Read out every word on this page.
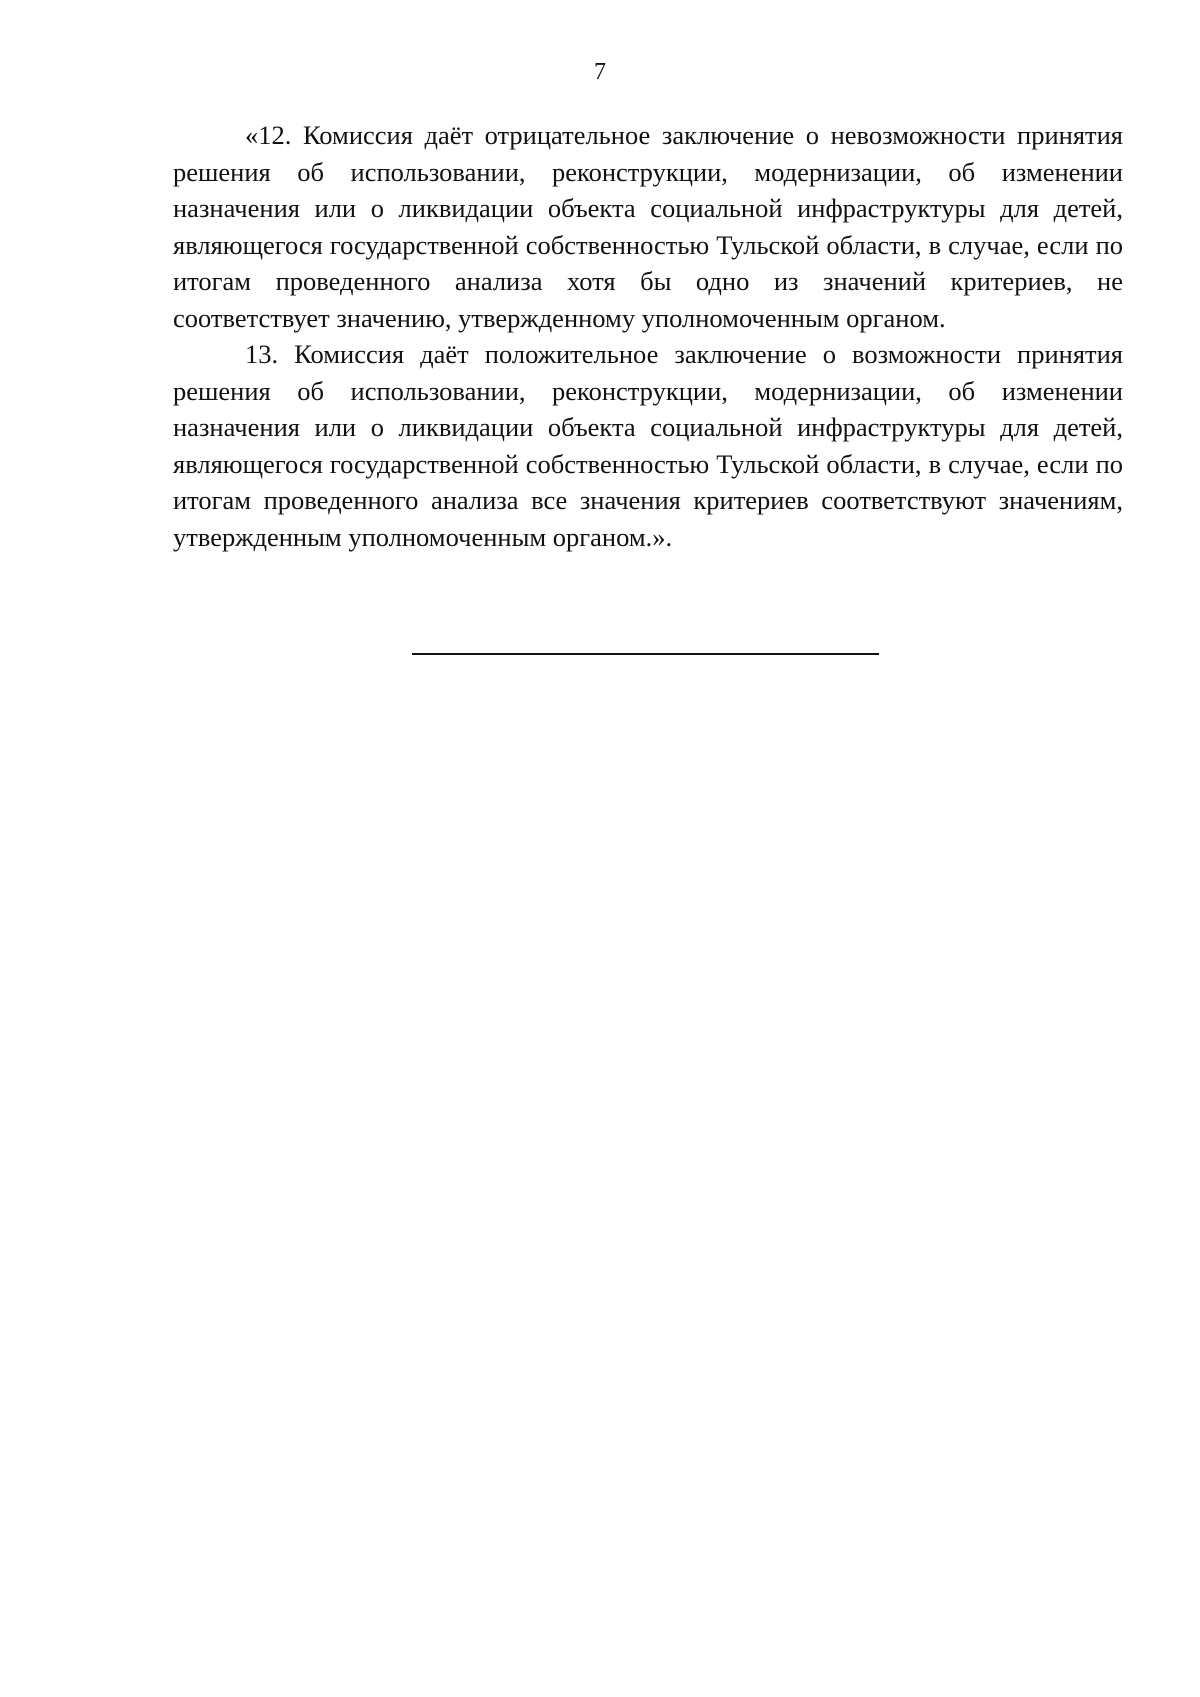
7

«12. Комиссия даёт отрицательное заключение о невозможности принятия решения об использовании, реконструкции, модернизации, об изменении назначения или о ликвидации объекта социальной инфраструктуры для детей, являющегося государственной собственностью Тульской области, в случае, если по итогам проведенного анализа хотя бы одно из значений критериев, не соответствует значению, утвержденному уполномоченным органом.

13. Комиссия даёт положительное заключение о возможности принятия решения об использовании, реконструкции, модернизации, об изменении назначения или о ликвидации объекта социальной инфраструктуры для детей, являющегося государственной собственностью Тульской области, в случае, если по итогам проведенного анализа все значения критериев соответствуют значениям, утвержденным уполномоченным органом.».
